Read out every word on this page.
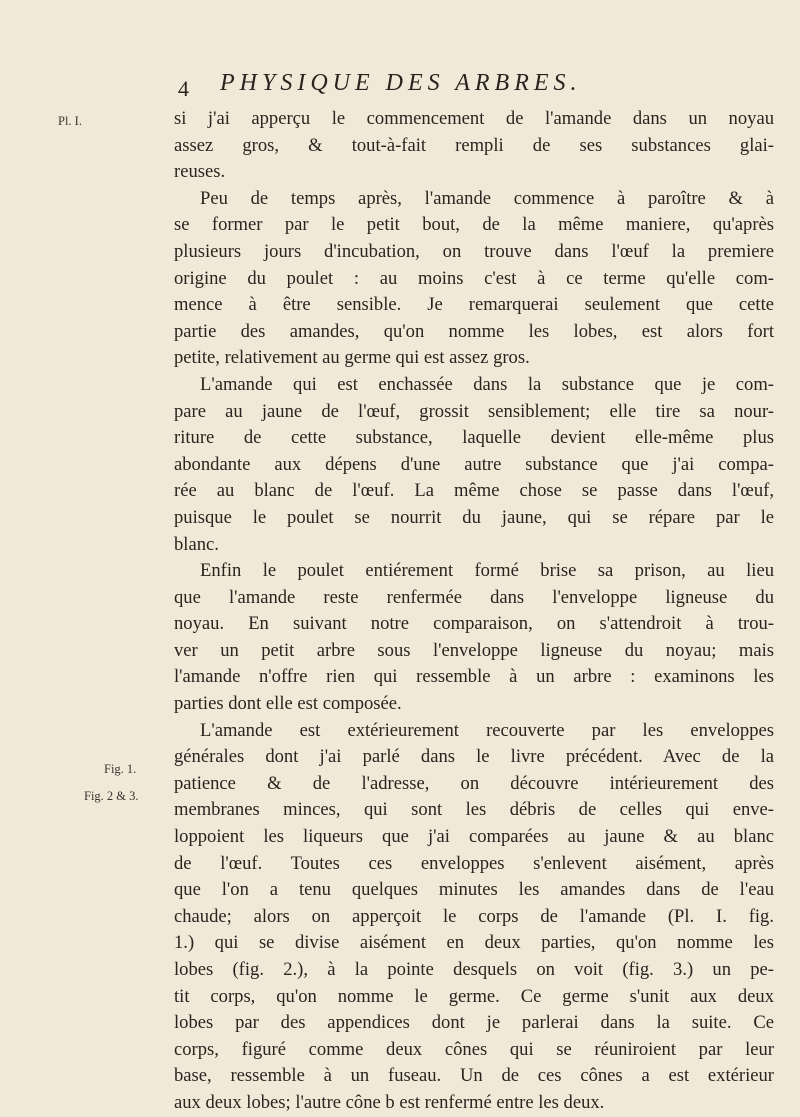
4 PHYSIQUE DES ARBRES.
Pl. I.
Fig. 1.
Fig. 2 & 3.
si j'ai apperçu le commencement de l'amande dans un noyau
assez gros, & tout-à-fait rempli de ses substances glai-
reuses.
Peu de temps après, l'amande commence à paroître & à
se former par le petit bout, de la même maniere, qu'après
plusieurs jours d'incubation, on trouve dans l'œuf la premiere
origine du poulet : au moins c'est à ce terme qu'elle com-
mence à être sensible. Je remarquerai seulement que cette
partie des amandes, qu'on nomme les lobes, est alors fort
petite, relativement au germe qui est assez gros.
L'amande qui est enchassée dans la substance que je com-
pare au jaune de l'œuf, grossit sensiblement; elle tire sa nour-
riture de cette substance, laquelle devient elle-même plus
abondante aux dépens d'une autre substance que j'ai compa-
rée au blanc de l'œuf. La même chose se passe dans l'œuf,
puisque le poulet se nourrit du jaune, qui se répare par le
blanc.
Enfin le poulet entiérement formé brise sa prison, au lieu
que l'amande reste renfermée dans l'enveloppe ligneuse du
noyau. En suivant notre comparaison, on s'attendroit à trou-
ver un petit arbre sous l'enveloppe ligneuse du noyau; mais
l'amande n'offre rien qui ressemble à un arbre : examinons les
parties dont elle est composée.
L'amande est extérieurement recouverte par les enveloppes
générales dont j'ai parlé dans le livre précédent. Avec de la
patience & de l'adresse, on découvre intérieurement des
membranes minces, qui sont les débris de celles qui enve-
loppoient les liqueurs que j'ai comparées au jaune & au blanc
de l'œuf. Toutes ces enveloppes s'enlevent aisément, après
que l'on a tenu quelques minutes les amandes dans de l'eau
chaude; alors on apperçoit le corps de l'amande (Pl. I. fig.
1.) qui se divise aisément en deux parties, qu'on nomme les
lobes (fig. 2.), à la pointe desquels on voit (fig. 3.) un pe-
tit corps, qu'on nomme le germe. Ce germe s'unit aux deux
lobes par des appendices dont je parlerai dans la suite. Ce
corps, figuré comme deux cônes qui se réuniroient par leur
base, ressemble à un fuseau. Un de ces cônes a est extérieur
aux deux lobes; l'autre cône b est renfermé entre les deux.
